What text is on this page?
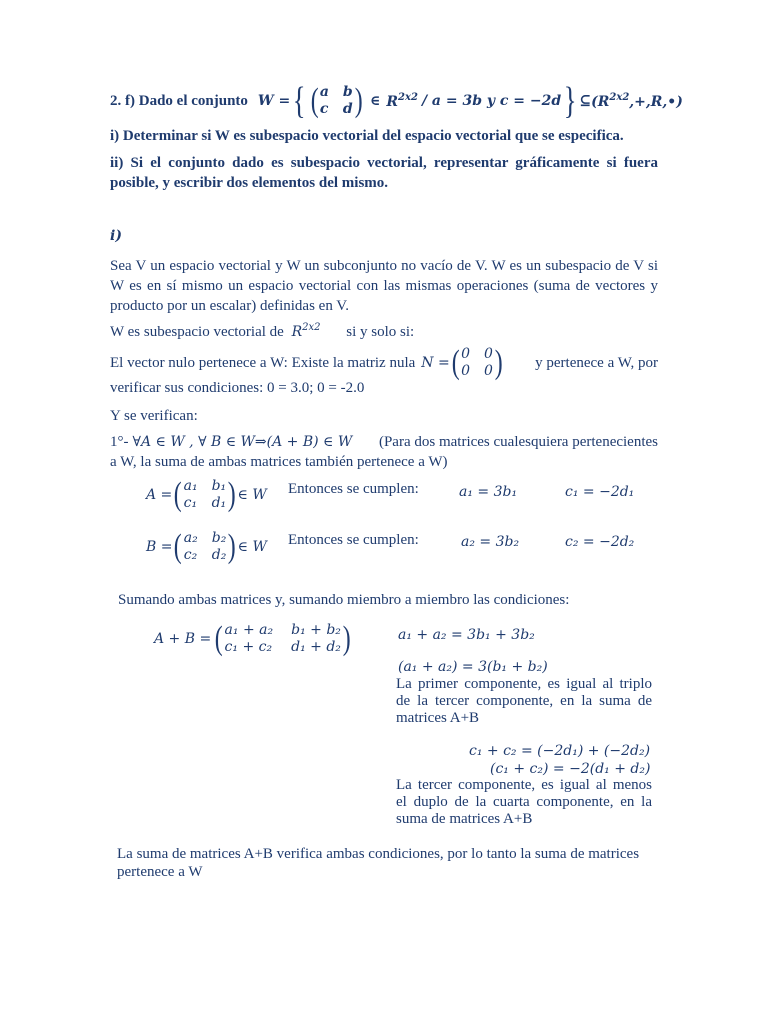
2. f) Dado el conjunto W = { ( a b
c d ) ∈ $R^{2x2} / a = 3b$ y c = −2d } ⊆ $(R^{2x2},+,R,•)$
i) Determinar si W es subespacio vectorial del espacio vectorial que se especifica.
ii) Si el conjunto dado es subespacio vectorial, representar gráficamente si fuera posible, y escribir dos elementos del mismo.
i)
Sea V un espacio vectorial y W un subconjunto no vacío de V. W es un subespacio de V si W es en sí mismo un espacio vectorial con las mismas operaciones (suma de vectores y producto por un escalar) definidas en V.
W es subespacio vectorial de $R^{2x2}$ si y solo si:
El vector nulo pertenece a W: Existe la matriz nula N = ( 0 0
0 0 ) y pertenece a W, por
verificar sus condiciones: 0 = 3.0; 0 = -2.0
Y se verifican:
1°- ∀A ∈ W , ∀ B ∈ W⇒(A + B) ∈ W (Para dos matrices cualesquiera pertenecientes
a W, la suma de ambas matrices también pertenece a W)
A = ( a₁ b₁
c₁ d₁ ) ∈ W Entonces se cumplen:	a₁ = 3b₁	c₁ = −2d₁
B = ( a₂ b₂
c₂ d₂ ) ∈ W Entonces se cumplen:	a₂ = 3b₂	c₂ = −2d₂
Sumando ambas matrices y, sumando miembro a miembro las condiciones:
A + B = ( a₁ + a₂ b₁ + b₂
c₁ + c₂ d₁ + d₂ )	a₁ + a₂ = 3b₁ + 3b₂
(a₁ + a₂) = 3(b₁ + b₂)
La primer componente, es igual al triplo de la tercer componente, en la suma de matrices A+B
c₁ + c₂ = (−2d₁) + (−2d₂)
(c₁ + c₂) = −2(d₁ + d₂)
La tercer componente, es igual al menos el duplo de la cuarta componente, en la suma de matrices A+B
La suma de matrices A+B verifica ambas condiciones, por lo tanto la suma de matrices pertenece a W
